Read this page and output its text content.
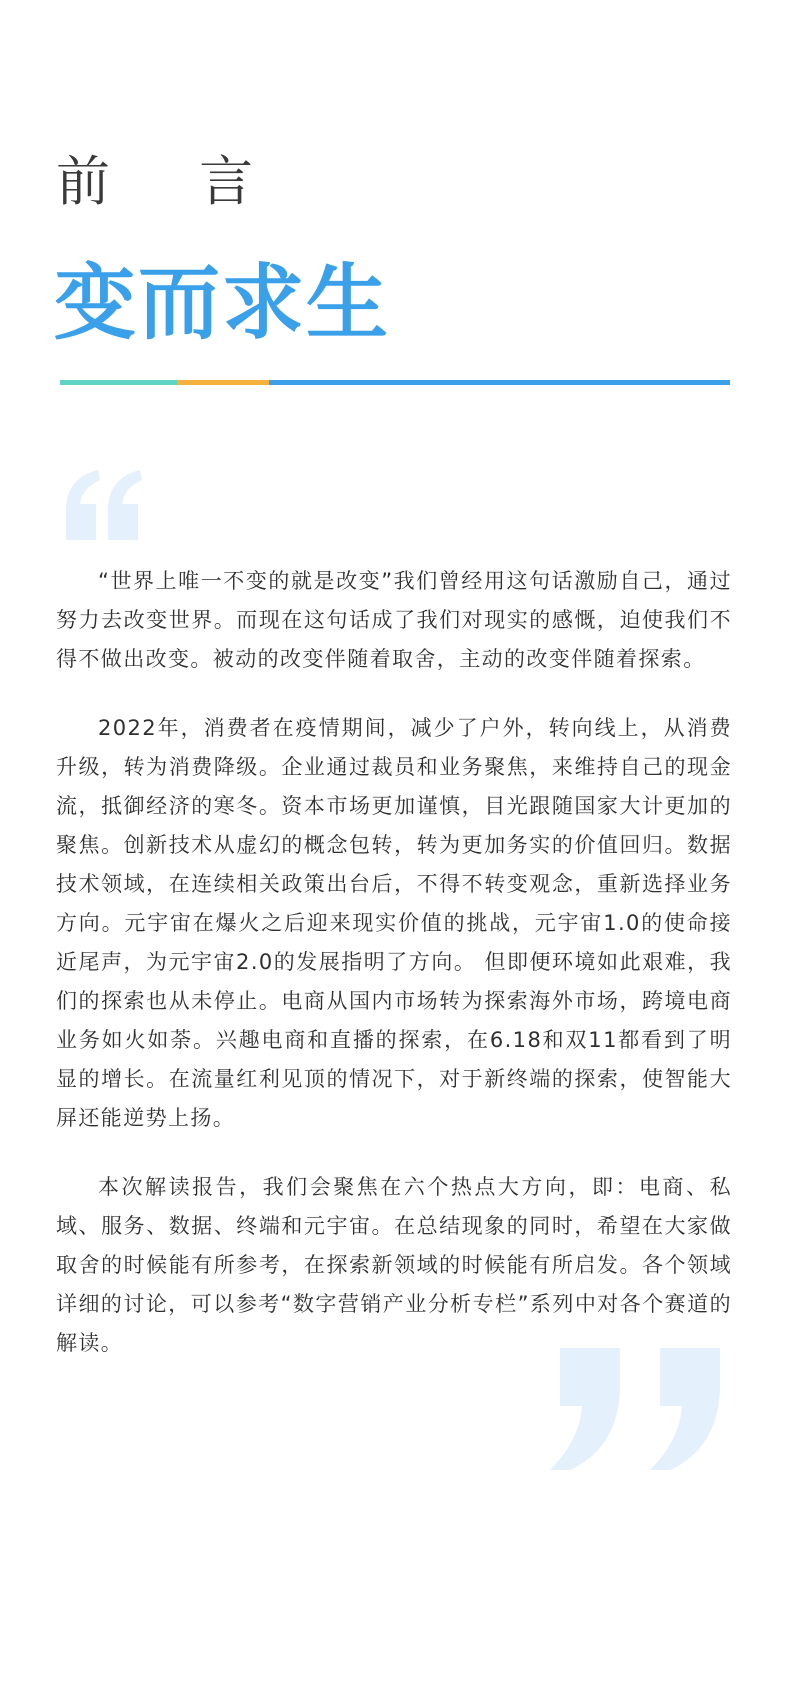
前 言
变而求生

“世界上唯一不变的就是改变”我们曾经用这句话激励自己，通过努力去改变世界。而现在这句话成了我们对现实的感慨，迫使我们不得不做出改变。被动的改变伴随着取舍，主动的改变伴随着探索。

2022年，消费者在疫情期间，减少了户外，转向线上，从消费升级，转为消费降级。企业通过裁员和业务聚焦，来维持自己的现金流，抵御经济的寒冬。资本市场更加谨慎，目光跟随国家大计更加的聚焦。创新技术从虚幻的概念包转，转为更加务实的价值回归。数据技术领域，在连续相关政策出台后，不得不转变观念，重新选择业务方向。元宇宙在爆火之后迎来现实价值的挑战，元宇宙1.0的使命接近尾声，为元宇宙2.0的发展指明了方向。 但即便环境如此艰难，我们的探索也从未停止。电商从国内市场转为探索海外市场，跨境电商业务如火如荼。兴趣电商和直播的探索，在6.18和双11都看到了明显的增长。在流量红利见顶的情况下，对于新终端的探索，使智能大屏还能逆势上扬。

本次解读报告，我们会聚焦在六个热点大方向，即：电商、私域、服务、数据、终端和元宇宙。在总结现象的同时，希望在大家做取舍的时候能有所参考，在探索新领域的时候能有所启发。各个领域详细的讨论，可以参考“数字营销产业分析专栏”系列中对各个赛道的解读。
